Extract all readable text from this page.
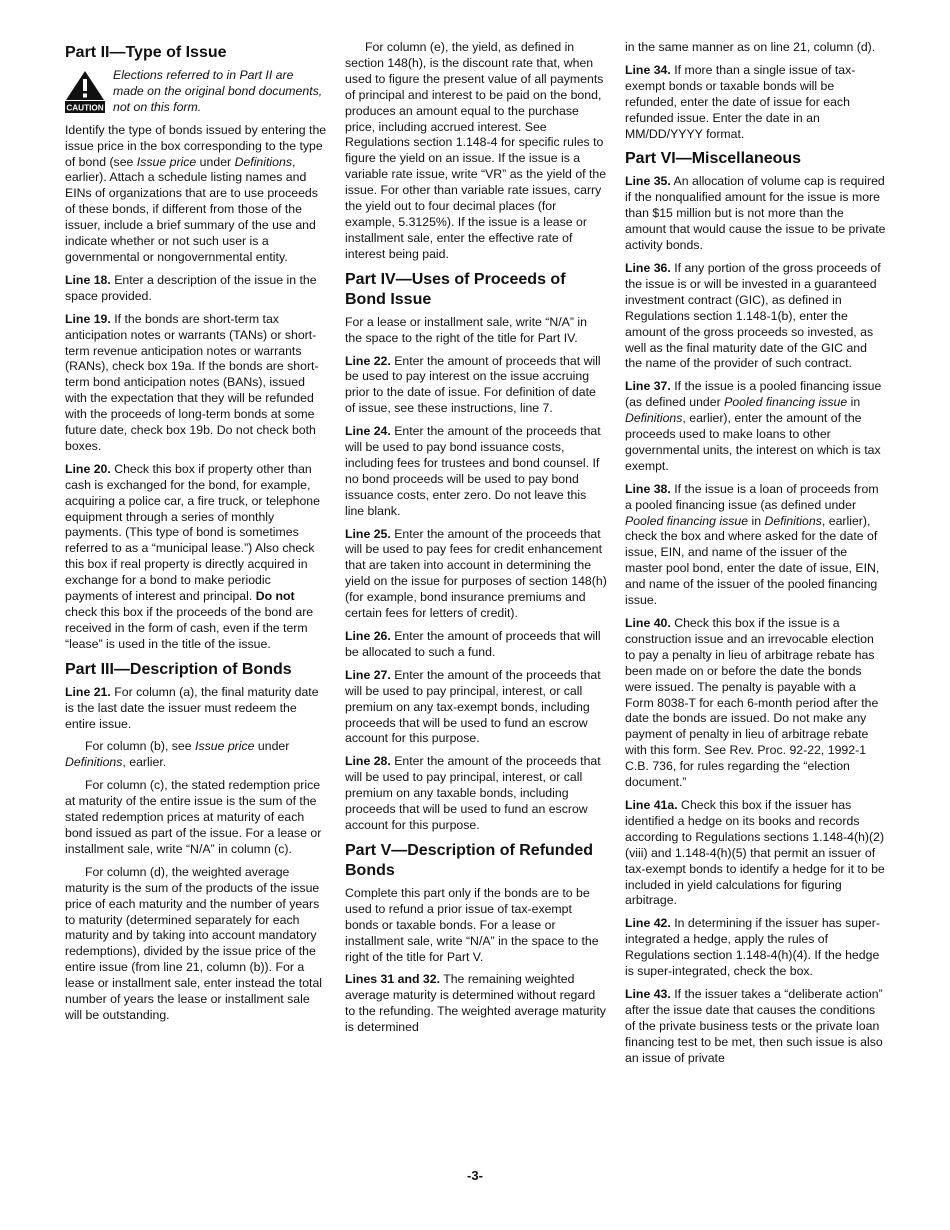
Part II—Type of Issue
CAUTION
Elections referred to in Part II are made on the original bond documents, not on this form.

Identify the type of bonds issued by entering the issue price in the box corresponding to the type of bond (see Issue price under Definitions, earlier). Attach a schedule listing names and EINs of organizations that are to use proceeds of these bonds, if different from those of the issuer, include a brief summary of the use and indicate whether or not such user is a governmental or nongovernmental entity.

Line 18. Enter a description of the issue in the space provided.

Line 19. If the bonds are short-term tax anticipation notes or warrants (TANs) or short-term revenue anticipation notes or warrants (RANs), check box 19a. If the bonds are short-term bond anticipation notes (BANs), issued with the expectation that they will be refunded with the proceeds of long-term bonds at some future date, check box 19b. Do not check both boxes.

Line 20. Check this box if property other than cash is exchanged for the bond, for example, acquiring a police car, a fire truck, or telephone equipment through a series of monthly payments. (This type of bond is sometimes referred to as a “municipal lease.”) Also check this box if real property is directly acquired in exchange for a bond to make periodic payments of interest and principal. Do not check this box if the proceeds of the bond are received in the form of cash, even if the term “lease” is used in the title of the issue.

Part III—Description of Bonds

Line 21. For column (a), the final maturity date is the last date the issuer must redeem the entire issue.

For column (b), see Issue price under Definitions, earlier.

For column (c), the stated redemption price at maturity of the entire issue is the sum of the stated redemption prices at maturity of each bond issued as part of the issue. For a lease or installment sale, write “N/A” in column (c).

For column (d), the weighted average maturity is the sum of the products of the issue price of each maturity and the number of years to maturity (determined separately for each maturity and by taking into account mandatory redemptions), divided by the issue price of the entire issue (from line 21, column (b)). For a lease or installment sale, enter instead the total number of years the lease or installment sale will be outstanding.

For column (e), the yield, as defined in section 148(h), is the discount rate that, when used to figure the present value of all payments of principal and interest to be paid on the bond, produces an amount equal to the purchase price, including accrued interest. See Regulations section 1.148-4 for specific rules to figure the yield on an issue. If the issue is a variable rate issue, write “VR” as the yield of the issue. For other than variable rate issues, carry the yield out to four decimal places (for example, 5.3125%). If the issue is a lease or installment sale, enter the effective rate of interest being paid.

Part IV—Uses of Proceeds of Bond Issue

For a lease or installment sale, write “N/A” in the space to the right of the title for Part IV.

Line 22. Enter the amount of proceeds that will be used to pay interest on the issue accruing prior to the date of issue. For definition of date of issue, see these instructions, line 7.

Line 24. Enter the amount of the proceeds that will be used to pay bond issuance costs, including fees for trustees and bond counsel. If no bond proceeds will be used to pay bond issuance costs, enter zero. Do not leave this line blank.

Line 25. Enter the amount of the proceeds that will be used to pay fees for credit enhancement that are taken into account in determining the yield on the issue for purposes of section 148(h) (for example, bond insurance premiums and certain fees for letters of credit).

Line 26. Enter the amount of proceeds that will be allocated to such a fund.

Line 27. Enter the amount of the proceeds that will be used to pay principal, interest, or call premium on any tax-exempt bonds, including proceeds that will be used to fund an escrow account for this purpose.

Line 28. Enter the amount of the proceeds that will be used to pay principal, interest, or call premium on any taxable bonds, including proceeds that will be used to fund an escrow account for this purpose.

Part V—Description of Refunded Bonds

Complete this part only if the bonds are to be used to refund a prior issue of tax-exempt bonds or taxable bonds. For a lease or installment sale, write “N/A” in the space to the right of the title for Part V.

Lines 31 and 32. The remaining weighted average maturity is determined without regard to the refunding. The weighted average maturity is determined

in the same manner as on line 21, column (d).

Line 34. If more than a single issue of tax-exempt bonds or taxable bonds will be refunded, enter the date of issue for each refunded issue. Enter the date in an MM/DD/YYYY format.

Part VI—Miscellaneous

Line 35. An allocation of volume cap is required if the nonqualified amount for the issue is more than $15 million but is not more than the amount that would cause the issue to be private activity bonds.

Line 36. If any portion of the gross proceeds of the issue is or will be invested in a guaranteed investment contract (GIC), as defined in Regulations section 1.148-1(b), enter the amount of the gross proceeds so invested, as well as the final maturity date of the GIC and the name of the provider of such contract.

Line 37. If the issue is a pooled financing issue (as defined under Pooled financing issue in Definitions, earlier), enter the amount of the proceeds used to make loans to other governmental units, the interest on which is tax exempt.

Line 38. If the issue is a loan of proceeds from a pooled financing issue (as defined under Pooled financing issue in Definitions, earlier), check the box and where asked for the date of issue, EIN, and name of the issuer of the master pool bond, enter the date of issue, EIN, and name of the issuer of the pooled financing issue.

Line 40. Check this box if the issue is a construction issue and an irrevocable election to pay a penalty in lieu of arbitrage rebate has been made on or before the date the bonds were issued. The penalty is payable with a Form 8038-T for each 6-month period after the date the bonds are issued. Do not make any payment of penalty in lieu of arbitrage rebate with this form. See Rev. Proc. 92-22, 1992-1 C.B. 736, for rules regarding the “election document.”

Line 41a. Check this box if the issuer has identified a hedge on its books and records according to Regulations sections 1.148-4(h)(2)(viii) and 1.148-4(h)(5) that permit an issuer of tax-exempt bonds to identify a hedge for it to be included in yield calculations for figuring arbitrage.

Line 42. In determining if the issuer has super-integrated a hedge, apply the rules of Regulations section 1.148-4(h)(4). If the hedge is super-integrated, check the box.

Line 43. If the issuer takes a “deliberate action” after the issue date that causes the conditions of the private business tests or the private loan financing test to be met, then such issue is also an issue of private

-3-
